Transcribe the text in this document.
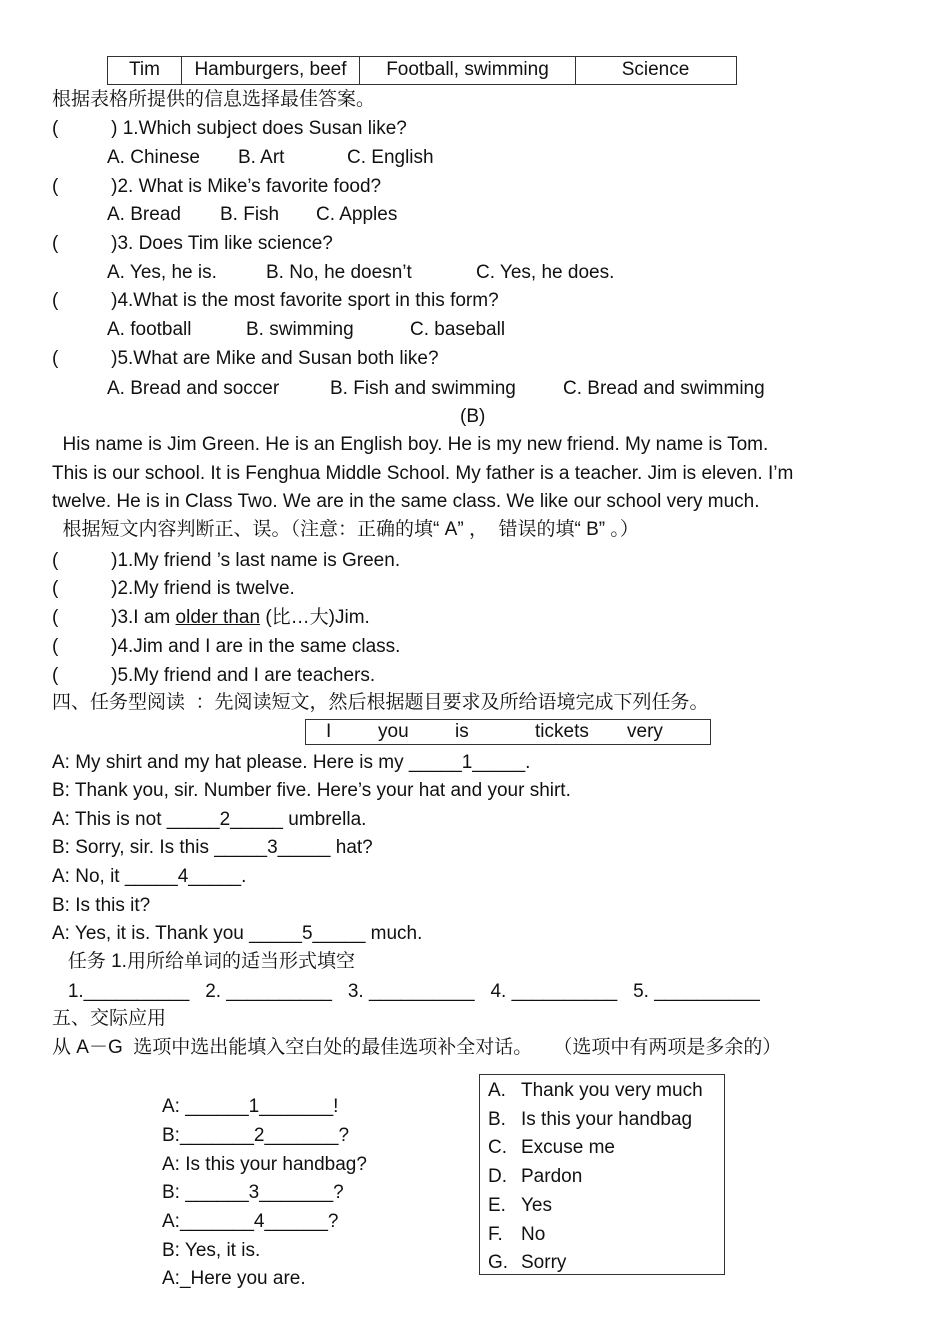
Tim	Hamburgers, beef	Football, swimming	Science
根据表格所提供的信息选择最佳答案。
(          ) 1.Which subject does Susan like?
A. Chinese B. Art	C. English
(          )2. What is Mike’s favorite food?
A. Bread B. Fish C. Apples
(          )3. Does Tim like science?
A. Yes, he is.	B. No, he doesn’t	C. Yes, he does.
(          )4.What is the most favorite sport in this form?
A. football	B. swimming	C. baseball
(          )5.What are Mike and Susan both like?
A. Bread and soccer	B. Fish and swimming C. Bread and swimming
(B)
His name is Jim Green. He is an English boy. He is my new friend. My name is Tom.
This is our school. It is Fenghua Middle School. My father is a teacher. Jim is eleven. I’m
twelve. He is in Class Two. We are in the same class. We like our school very much.
根据短文内容判断正、误。（注意：正确的填“ A” ，  错误的填“ B” 。）
(          )1.My friend ’s last name is Green.
(          )2.My friend is twelve.
(          )3.I am older than (比…大)Jim.
(          )4.Jim and I are in the same class.
(          )5.My friend and I are teachers.
四、任务型阅读  ：先阅读短文，然后根据题目要求及所给语境完成下列任务。
I you is	tickets very
A: My shirt and my hat please. Here is my _____1_____.
B: Thank you, sir. Number five. Here’s your hat and your shirt.
A: This is not _____2_____ umbrella.
B: Sorry, sir. Is this _____3_____ hat?
A: No, it _____4_____.
B: Is this it?
A: Yes, it is. Thank you _____5_____ much.
任务 1.用所给单词的适当形式填空
1.__________   2. __________   3. __________   4. __________   5. __________
五、交际应用
从 A－G  选项中选出能填入空白处的最佳选项补全对话。    （选项中有两项是多余的）
A: ______1_______!
B:_______2_______?
A: Is this your handbag?
B: ______3_______?
A:_______4______?
B: Yes, it is.
A:_Here you are.
A. Thank you very much
B. Is this your handbag
C. Excuse me
D. Pardon
E. Yes
F. No
G. Sorry
